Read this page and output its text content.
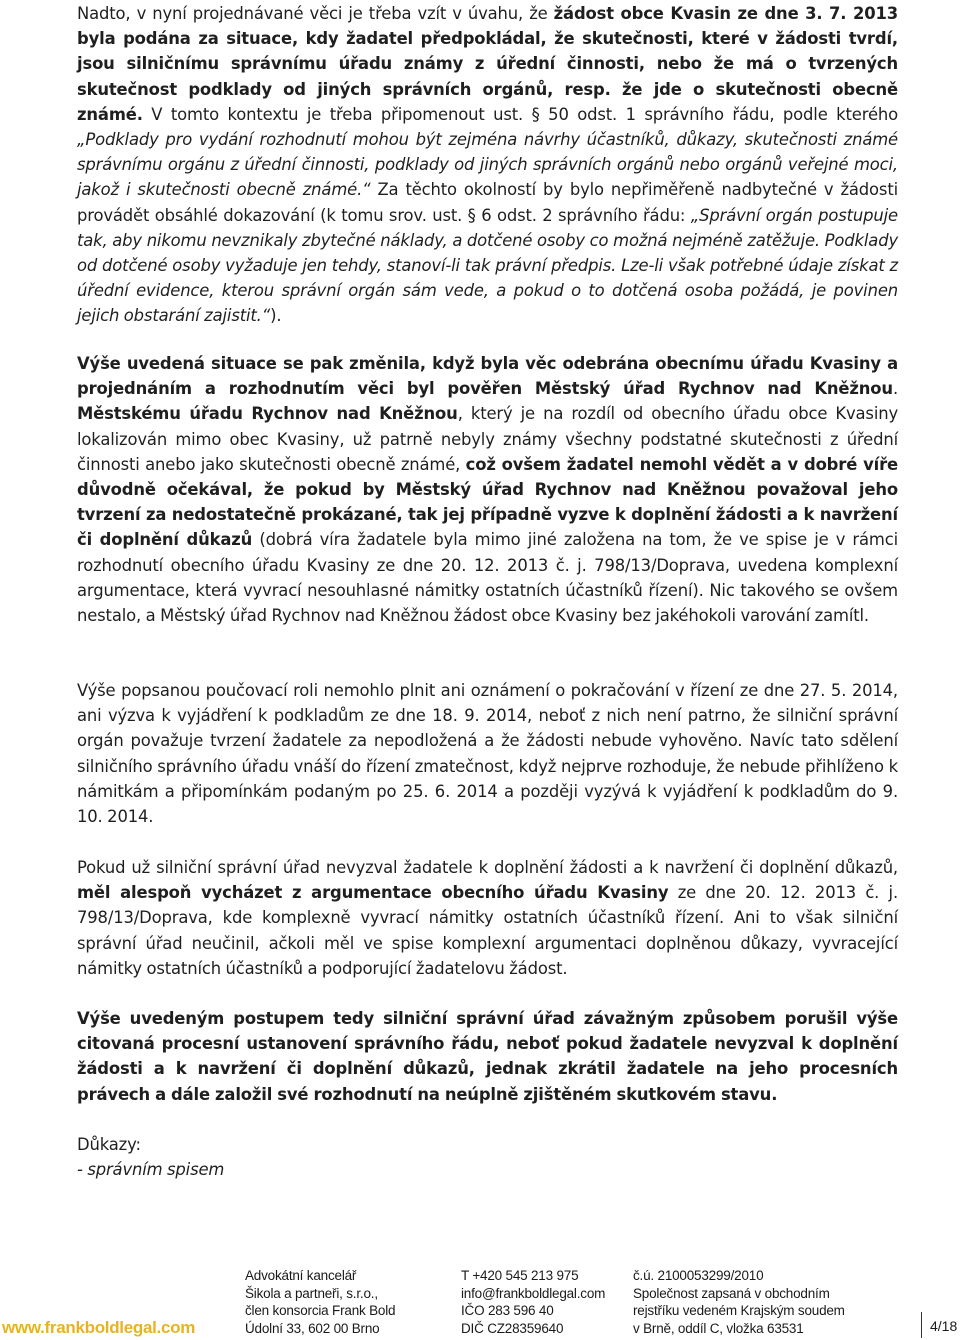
Nadto, v nyní projednávané věci je třeba vzít v úvahu, že žádost obce Kvasin ze dne 3. 7. 2013 byla podána za situace, kdy žadatel předpokládal, že skutečnosti, které v žádosti tvrdí, jsou silničnímu správnímu úřadu známy z úřední činnosti, nebo že má o tvrzených skutečnost podklady od jiných správních orgánů, resp. že jde o skutečnosti obecně známé. V tomto kontextu je třeba připomenout ust. § 50 odst. 1 správního řádu, podle kterého „Podklady pro vydání rozhodnutí mohou být zejména návrhy účastníků, důkazy, skutečnosti známé správnímu orgánu z úřední činnosti, podklady od jiných správních orgánů nebo orgánů veřejné moci, jakož i skutečnosti obecně známé.“ Za těchto okolností by bylo nepřiměřeně nadbytečné v žádosti provádět obsáhlé dokazování (k tomu srov. ust. § 6 odst. 2 správního řádu: „Správní orgán postupuje tak, aby nikomu nevznikaly zbytečné náklady, a dotčené osoby co možná nejméně zatěžuje. Podklady od dotčené osoby vyžaduje jen tehdy, stanoví-li tak právní předpis. Lze-li však potřebné údaje získat z úřední evidence, kterou správní orgán sám vede, a pokud o to dotčená osoba požádá, je povinen jejich obstarání zajistit.“).

Výše uvedená situace se pak změnila, když byla věc odebrána obecnímu úřadu Kvasiny a projednáním a rozhodnutím věci byl pověřen Městský úřad Rychnov nad Kněžnou. Městskému úřadu Rychnov nad Kněžnou, který je na rozdíl od obecního úřadu obce Kvasiny lokalizován mimo obec Kvasiny, už patrně nebyly známy všechny podstatné skutečnosti z úřední činnosti anebo jako skutečnosti obecně známé, což ovšem žadatel nemohl vědět a v dobré víře důvodně očekával, že pokud by Městský úřad Rychnov nad Kněžnou považoval jeho tvrzení za nedostatečně prokázané, tak jej případně vyzve k doplnění žádosti a k navržení či doplnění důkazů (dobrá víra žadatele byla mimo jiné založena na tom, že ve spise je v rámci rozhodnutí obecního úřadu Kvasiny ze dne 20. 12. 2013 č. j. 798/13/Doprava, uvedena komplexní argumentace, která vyvrací nesouhlasné námitky ostatních účastníků řízení). Nic takového se ovšem nestalo, a Městský úřad Rychnov nad Kněžnou žádost obce Kvasiny bez jakéhokoli varování zamítl.

Výše popsanou poučovací roli nemohlo plnit ani oznámení o pokračování v řízení ze dne 27. 5. 2014, ani výzva k vyjádření k podkladům ze dne 18. 9. 2014, neboť z nich není patrno, že silniční správní orgán považuje tvrzení žadatele za nepodložená a že žádosti nebude vyhověno. Navíc tato sdělení silničního správního úřadu vnáší do řízení zmatečnost, když nejprve rozhoduje, že nebude přihlíženo k námitkám a připomínkám podaným po 25. 6. 2014 a později vyzývá k vyjádření k podkladům do 9. 10. 2014.

Pokud už silniční správní úřad nevyzval žadatele k doplnění žádosti a k navržení či doplnění důkazů, měl alespoň vycházet z argumentace obecního úřadu Kvasiny ze dne 20. 12. 2013 č. j. 798/13/Doprava, kde komplexně vyvrací námitky ostatních účastníků řízení. Ani to však silniční správní úřad neučinil, ačkoli měl ve spise komplexní argumentaci doplněnou důkazy, vyvracející námitky ostatních účastníků a podporující žadatelovu žádost.

Výše uvedeným postupem tedy silniční správní úřad závažným způsobem porušil výše citovaná procesní ustanovení správního řádu, neboť pokud žadatele nevyzval k doplnění žádosti a k navržení či doplnění důkazů, jednak zkrátil žadatele na jeho procesních právech a dále založil své rozhodnutí na neúplně zjištěném skutkovém stavu.

Důkazy:
- správním spisem

www.frankboldlegal.com
Advokátní kancelář
Šikola a partneři, s.r.o.,
člen konsorcia Frank Bold
Údolní 33, 602 00 Brno
T +420 545 213 975
info@frankboldlegal.com
IČO 283 596 40
DIČ CZ28359640
č.ú. 2100053299/2010
Společnost zapsaná v obchodním
rejstříku vedeném Krajským soudem
v Brně, oddíl C, vložka 63531	4/18
